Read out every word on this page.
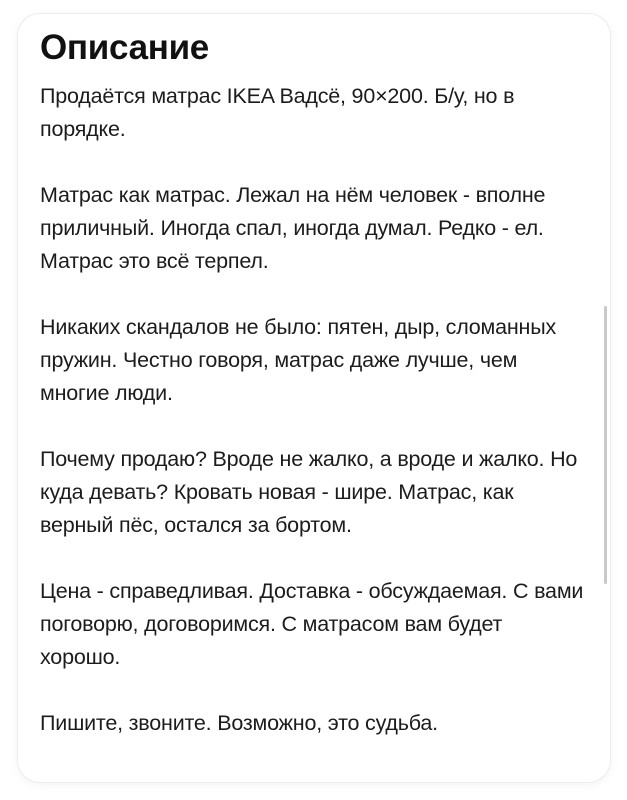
Описание

Продаётся матрас IKEA Вадсё, 90×200. Б/у, но в порядке.

Матрас как матрас. Лежал на нём человек - вполне приличный. Иногда спал, иногда думал. Редко - ел. Матрас это всё терпел.

Никаких скандалов не было: пятен, дыр, сломанных пружин. Честно говоря, матрас даже лучше, чем многие люди.

Почему продаю? Вроде не жалко, а вроде и жалко. Но куда девать? Кровать новая - шире. Матрас, как верный пёс, остался за бортом.

Цена - справедливая. Доставка - обсуждаемая. С вами поговорю, договоримся. С матрасом вам будет хорошо.

Пишите, звоните. Возможно, это судьба.
